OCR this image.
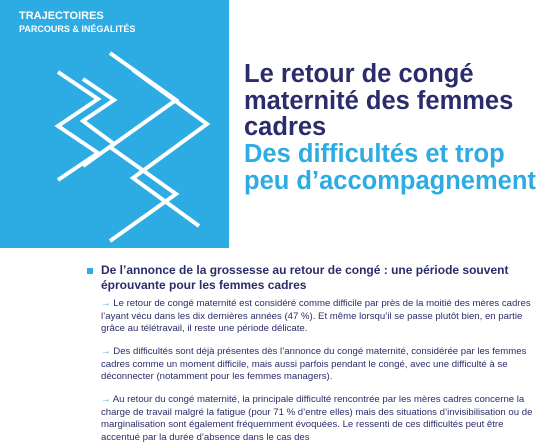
TRAJECTOIRES
PARCOURS & INÉGALITÉS
Le retour de congé maternité des femmes cadres
Des difficultés et trop peu d’accompagnement
De l’annonce de la grossesse au retour de congé : une période souvent éprouvante pour les femmes cadres
→ Le retour de congé maternité est considéré comme difficile par près de la moitié des mères cadres l’ayant vécu dans les dix dernières années (47 %). Et même lorsqu’il se passe plutôt bien, en partie grâce au télétravail, il reste une période délicate.
→ Des difficultés sont déjà présentes dès l’annonce du congé maternité, considérée par les femmes cadres comme un moment difficile, mais aussi parfois pendant le congé, avec une difficulté à se déconnecter (notamment pour les femmes managers).
→ Au retour du congé maternité, la principale difficulté rencontrée par les mères cadres concerne la charge de travail malgré la fatigue (pour 71 % d’entre elles) mais des situations d’invisibilisation ou de marginalisation sont également fréquemment évoquées. Le ressenti de ces difficultés peut être accentué par la durée d’absence dans le cas des
